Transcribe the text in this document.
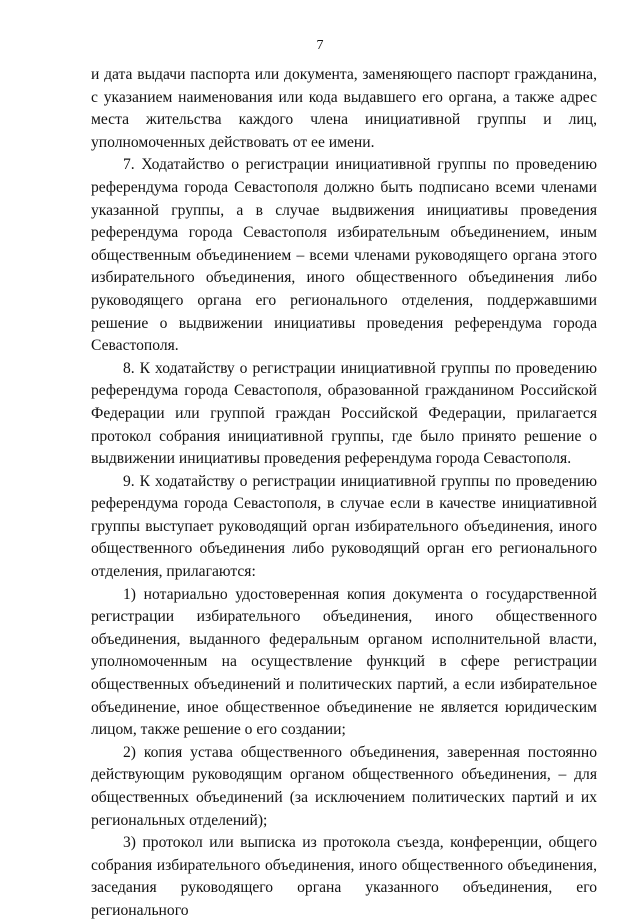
7

и дата выдачи паспорта или документа, заменяющего паспорт гражданина, с указанием наименования или кода выдавшего его органа, а также адрес места жительства каждого члена инициативной группы и лиц, уполномоченных действовать от ее имени.

7. Ходатайство о регистрации инициативной группы по проведению референдума города Севастополя должно быть подписано всеми членами указанной группы, а в случае выдвижения инициативы проведения референдума города Севастополя избирательным объединением, иным общественным объединением – всеми членами руководящего органа этого избирательного объединения, иного общественного объединения либо руководящего органа его регионального отделения, поддержавшими решение о выдвижении инициативы проведения референдума города Севастополя.

8. К ходатайству о регистрации инициативной группы по проведению референдума города Севастополя, образованной гражданином Российской Федерации или группой граждан Российской Федерации, прилагается протокол собрания инициативной группы, где было принято решение о выдвижении инициативы проведения референдума города Севастополя.

9. К ходатайству о регистрации инициативной группы по проведению референдума города Севастополя, в случае если в качестве инициативной группы выступает руководящий орган избирательного объединения, иного общественного объединения либо руководящий орган его регионального отделения, прилагаются:

1) нотариально удостоверенная копия документа о государственной регистрации избирательного объединения, иного общественного объединения, выданного федеральным органом исполнительной власти, уполномоченным на осуществление функций в сфере регистрации общественных объединений и политических партий, а если избирательное объединение, иное общественное объединение не является юридическим лицом, также решение о его создании;

2) копия устава общественного объединения, заверенная постоянно действующим руководящим органом общественного объединения, – для общественных объединений (за исключением политических партий и их региональных отделений);

3) протокол или выписка из протокола съезда, конференции, общего собрания избирательного объединения, иного общественного объединения, заседания руководящего органа указанного объединения, его регионального
